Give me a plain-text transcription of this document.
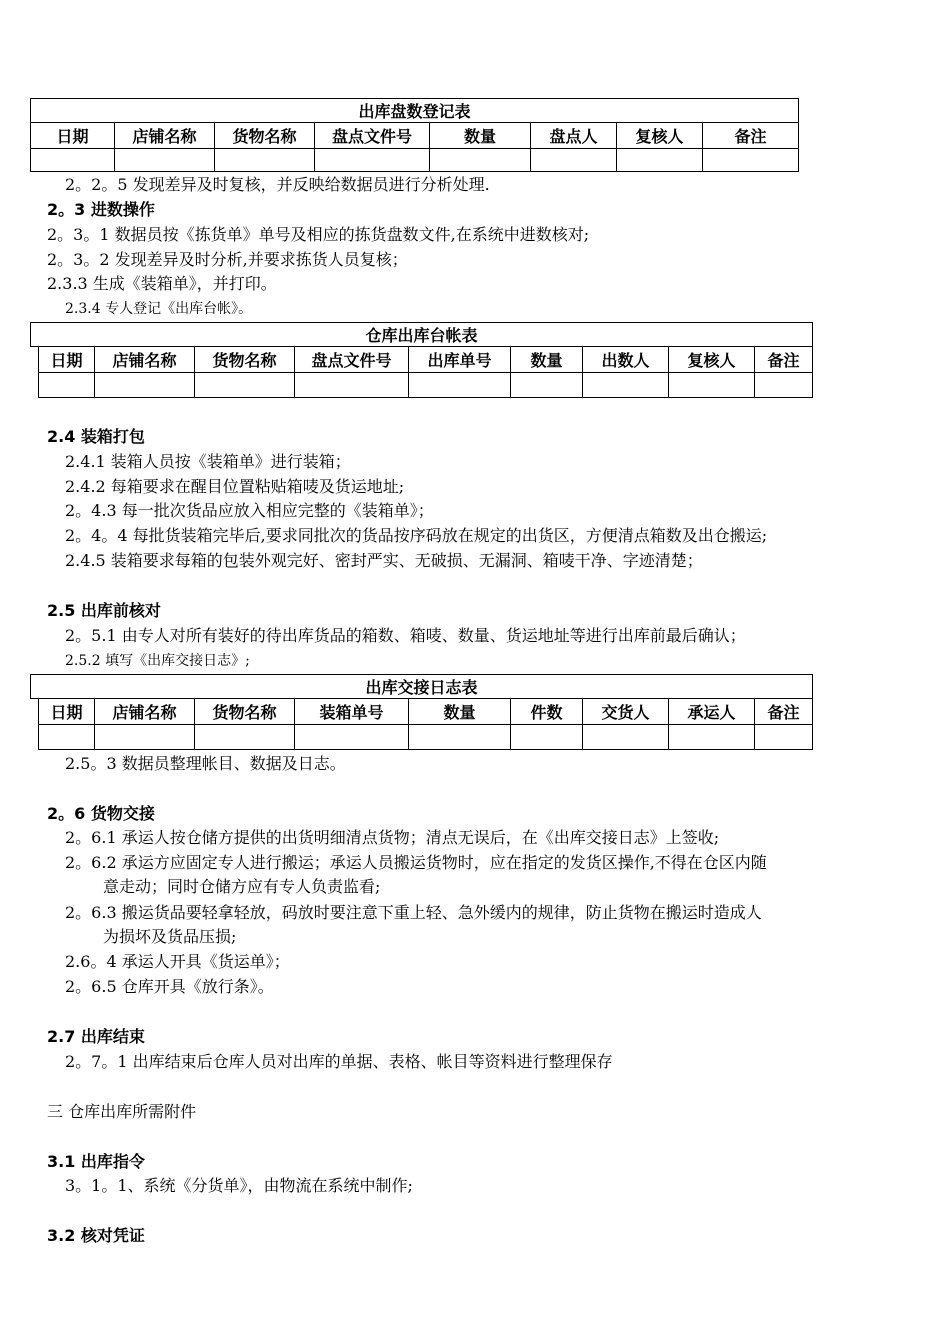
出库盘数登记表							
日期	店铺名称	货物名称	盘点文件号	数量	盘点人	复核人	备注

2。2。5 发现差异及时复核，并反映给数据员进行分析处理.
2。3 进数操作
2。3。1 数据员按《拣货单》单号及相应的拣货盘数文件,在系统中进数核对;
2。3。2 发现差异及时分析,并要求拣货人员复核；
2.3.3 生成《装箱单》，并打印。
2.3.4 专人登记《出库台帐》。
仓库出库台帐表									
	日期	店铺名称	货物名称	盘点文件号	出库单号	数量	出数人	复核人	备注

2.4 装箱打包
2.4.1 装箱人员按《装箱单》进行装箱；
2.4.2 每箱要求在醒目位置粘贴箱唛及货运地址;
2。4.3 每一批次货品应放入相应完整的《装箱单》；
2。4。4 每批货装箱完毕后,要求同批次的货品按序码放在规定的出货区，方便清点箱数及出仓搬运;
2.4.5 装箱要求每箱的包装外观完好、密封严实、无破损、无漏洞、箱唛干净、字迹清楚；
2.5 出库前核对
2。5.1 由专人对所有装好的待出库货品的箱数、箱唛、数量、货运地址等进行出库前最后确认；
2.5.2 填写《出库交接日志》;
出库交接日志表									
	日期	店铺名称	货物名称	装箱单号	数量	件数	交货人	承运人	备注

2.5。3 数据员整理帐目、数据及日志。
2。6 货物交接
2。6.1 承运人按仓储方提供的出货明细清点货物；清点无误后，在《出库交接日志》上签收;
2。6.2 承运方应固定专人进行搬运；承运人员搬运货物时，应在指定的发货区操作,不得在仓区内随
意走动；同时仓储方应有专人负责监看;
2。6.3 搬运货品要轻拿轻放，码放时要注意下重上轻、急外缓内的规律，防止货物在搬运时造成人
为损坏及货品压损;
2.6。4 承运人开具《货运单》；
2。6.5 仓库开具《放行条》。
2.7 出库结束
2。7。1 出库结束后仓库人员对出库的单据、表格、帐目等资料进行整理保存
三 仓库出库所需附件
3.1 出库指令
3。1。1、系统《分货单》，由物流在系统中制作;
3.2 核对凭证
